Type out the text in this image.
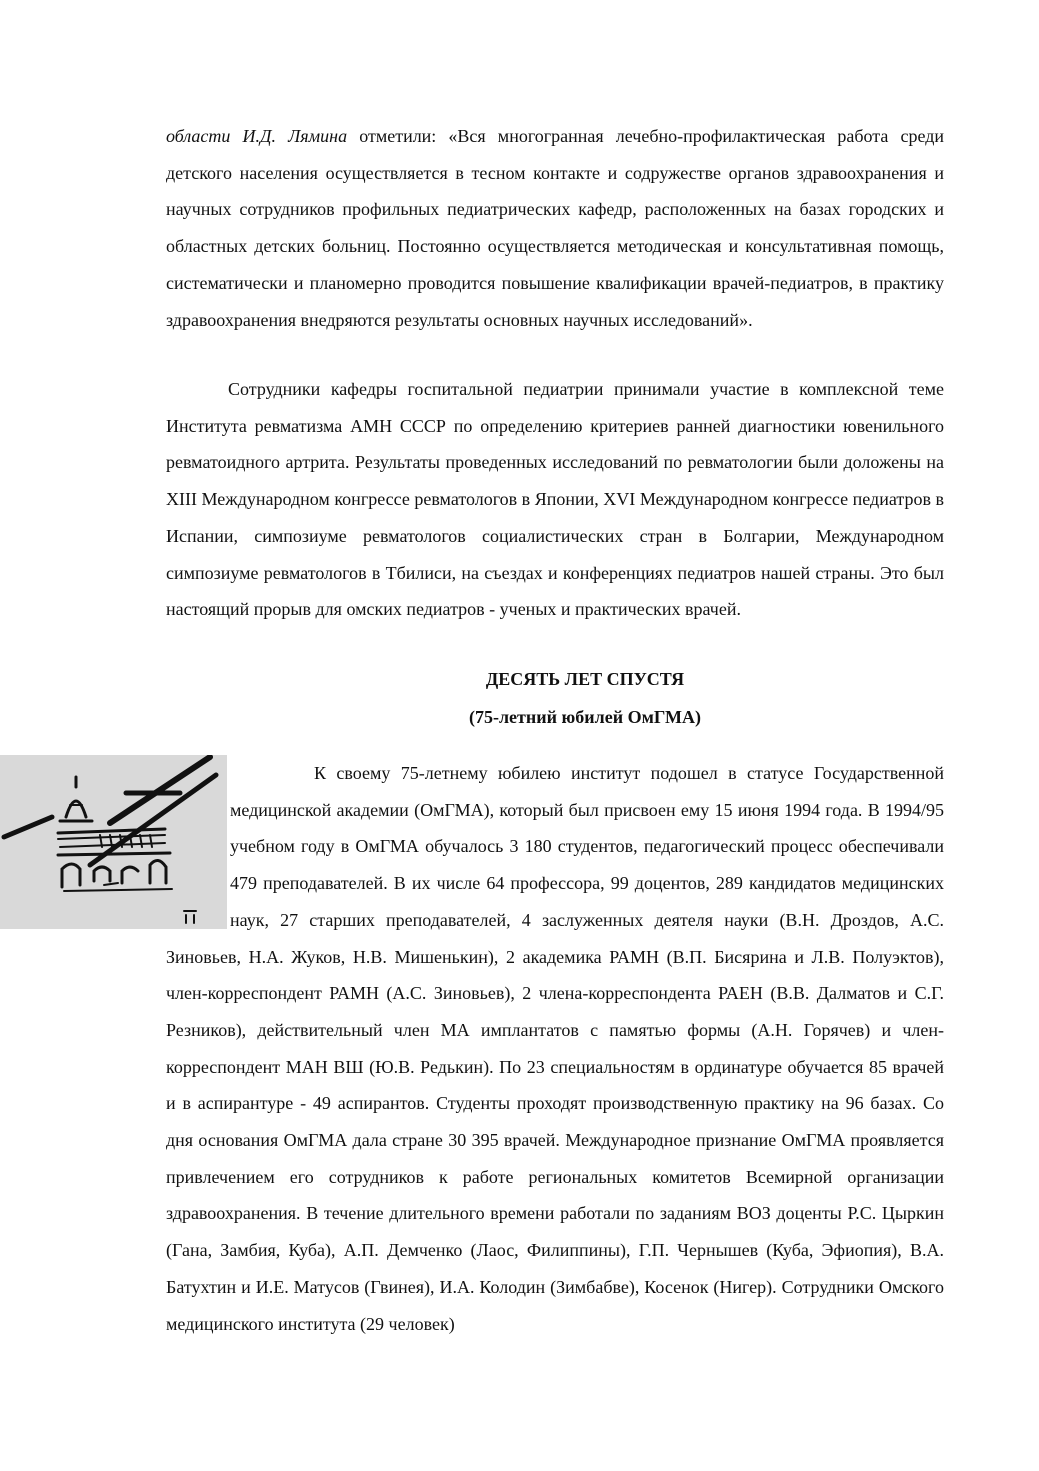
области И.Д. Лямина отметили: «Вся многогранная лечебно-профилактическая работа среди детского населения осуществляется в тесном контакте и содружестве органов здравоохранения и научных сотрудников профильных педиатрических кафедр, расположенных на базах городских и областных детских больниц. Постоянно осуществляется методическая и консультативная помощь, систематически и планомерно проводится повышение квалификации врачей-педиатров, в практику здравоохранения внедряются результаты основных научных исследований».

Сотрудники кафедры госпитальной педиатрии принимали участие в комплексной теме Института ревматизма АМН СССР по определению критериев ранней диагностики ювенильного ревматоидного артрита. Результаты проведенных исследований по ревматологии были доложены на XIII Международном конгрессе ревматологов в Японии, XVI Международном конгрессе педиатров в Испании, симпозиуме ревматологов социалистических стран в Болгарии, Международном симпозиуме ревматологов в Тбилиси, на съездах и конференциях педиатров нашей страны. Это был настоящий прорыв для омских педиатров - ученых и практических врачей.

ДЕСЯТЬ ЛЕТ СПУСТЯ
(75-летний юбилей ОмГМА)
К своему 75-летнему юбилею институт подошел в статусе Государственной медицинской академии (ОмГМА), который был присвоен ему 15 июня 1994 года. В 1994/95 учебном году в ОмГМА обучалось 3 180 студентов, педагогический процесс обеспечивали 479 преподавателей. В их числе 64 профессора, 99 доцентов, 289 кандидатов медицинских наук, 27 старших преподавателей, 4 заслуженных деятеля науки (В.Н. Дроздов, А.С. Зиновьев, Н.А. Жуков, Н.В. Мишенькин), 2 академика РАМН (В.П. Бисярина и Л.В. Полуэктов), член-корреспондент РАМН (А.С. Зиновьев), 2 члена-корреспондента РАЕН (В.В. Далматов и С.Г. Резников), действительный член МА имплантатов с памятью формы (А.Н. Горячев) и член-корреспондент МАН ВШ (Ю.В. Редькин). По 23 специальностям в ординатуре обучается 85 врачей и в аспирантуре - 49 аспирантов. Студенты проходят производственную практику на 96 базах. Со дня основания ОмГМА дала стране 30 395 врачей. Международное признание ОмГМА проявляется привлечением его сотрудников к работе региональных комитетов Всемирной организации здравоохранения. В течение длительного времени работали по заданиям ВОЗ доценты Р.С. Цыркин (Гана, Замбия, Куба), А.П. Демченко (Лаос, Филиппины), Г.П. Чернышев (Куба, Эфиопия), В.А. Батухтин и И.Е. Матусов (Гвинея), И.А. Колодин (Зимбабве), Косенок (Нигер). Сотрудники Омского медицинского института (29 человек)
